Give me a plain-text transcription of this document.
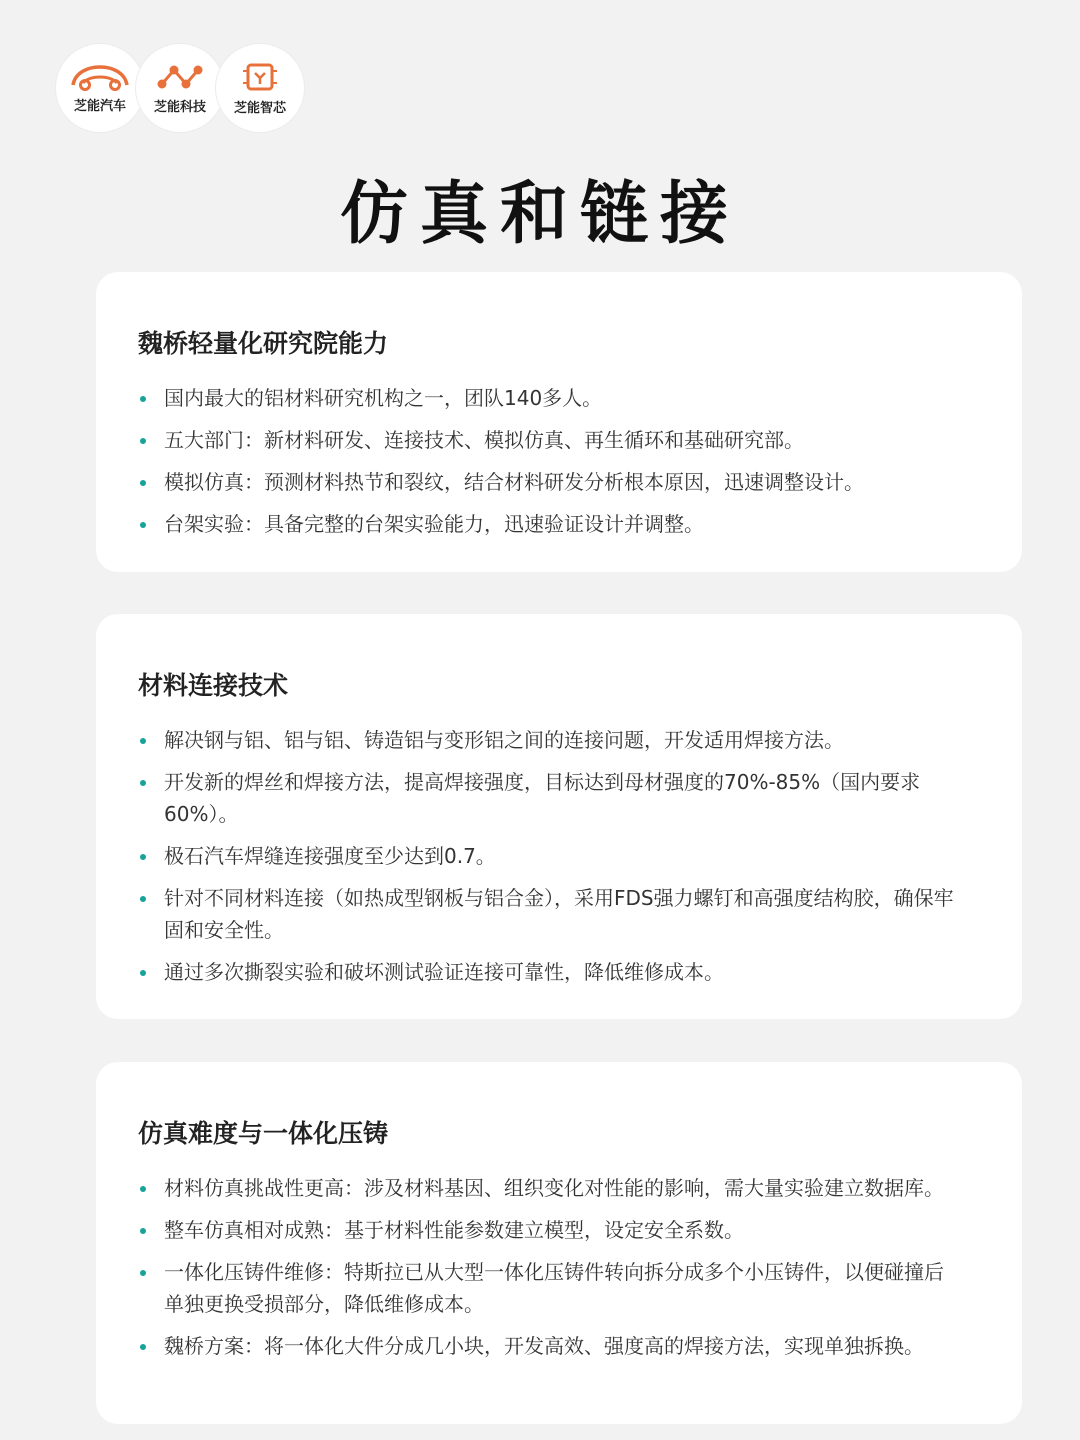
芝能汽车 芝能科技 芝能智芯
仿真和链接
魏桥轻量化研究院能力
国内最大的铝材料研究机构之一，团队140多人。
五大部门：新材料研发、连接技术、模拟仿真、再生循环和基础研究部。
模拟仿真：预测材料热节和裂纹，结合材料研发分析根本原因，迅速调整设计。
台架实验：具备完整的台架实验能力，迅速验证设计并调整。
材料连接技术
解决钢与铝、铝与铝、铸造铝与变形铝之间的连接问题，开发适用焊接方法。
开发新的焊丝和焊接方法，提高焊接强度，目标达到母材强度的70%-85%（国内要求60%）。
极石汽车焊缝连接强度至少达到0.7。
针对不同材料连接（如热成型钢板与铝合金），采用FDS强力螺钉和高强度结构胶，确保牢固和安全性。
通过多次撕裂实验和破坏测试验证连接可靠性，降低维修成本。
仿真难度与一体化压铸
材料仿真挑战性更高：涉及材料基因、组织变化对性能的影响，需大量实验建立数据库。
整车仿真相对成熟：基于材料性能参数建立模型，设定安全系数。
一体化压铸件维修：特斯拉已从大型一体化压铸件转向拆分成多个小压铸件，以便碰撞后单独更换受损部分，降低维修成本。
魏桥方案：将一体化大件分成几小块，开发高效、强度高的焊接方法，实现单独拆换。
